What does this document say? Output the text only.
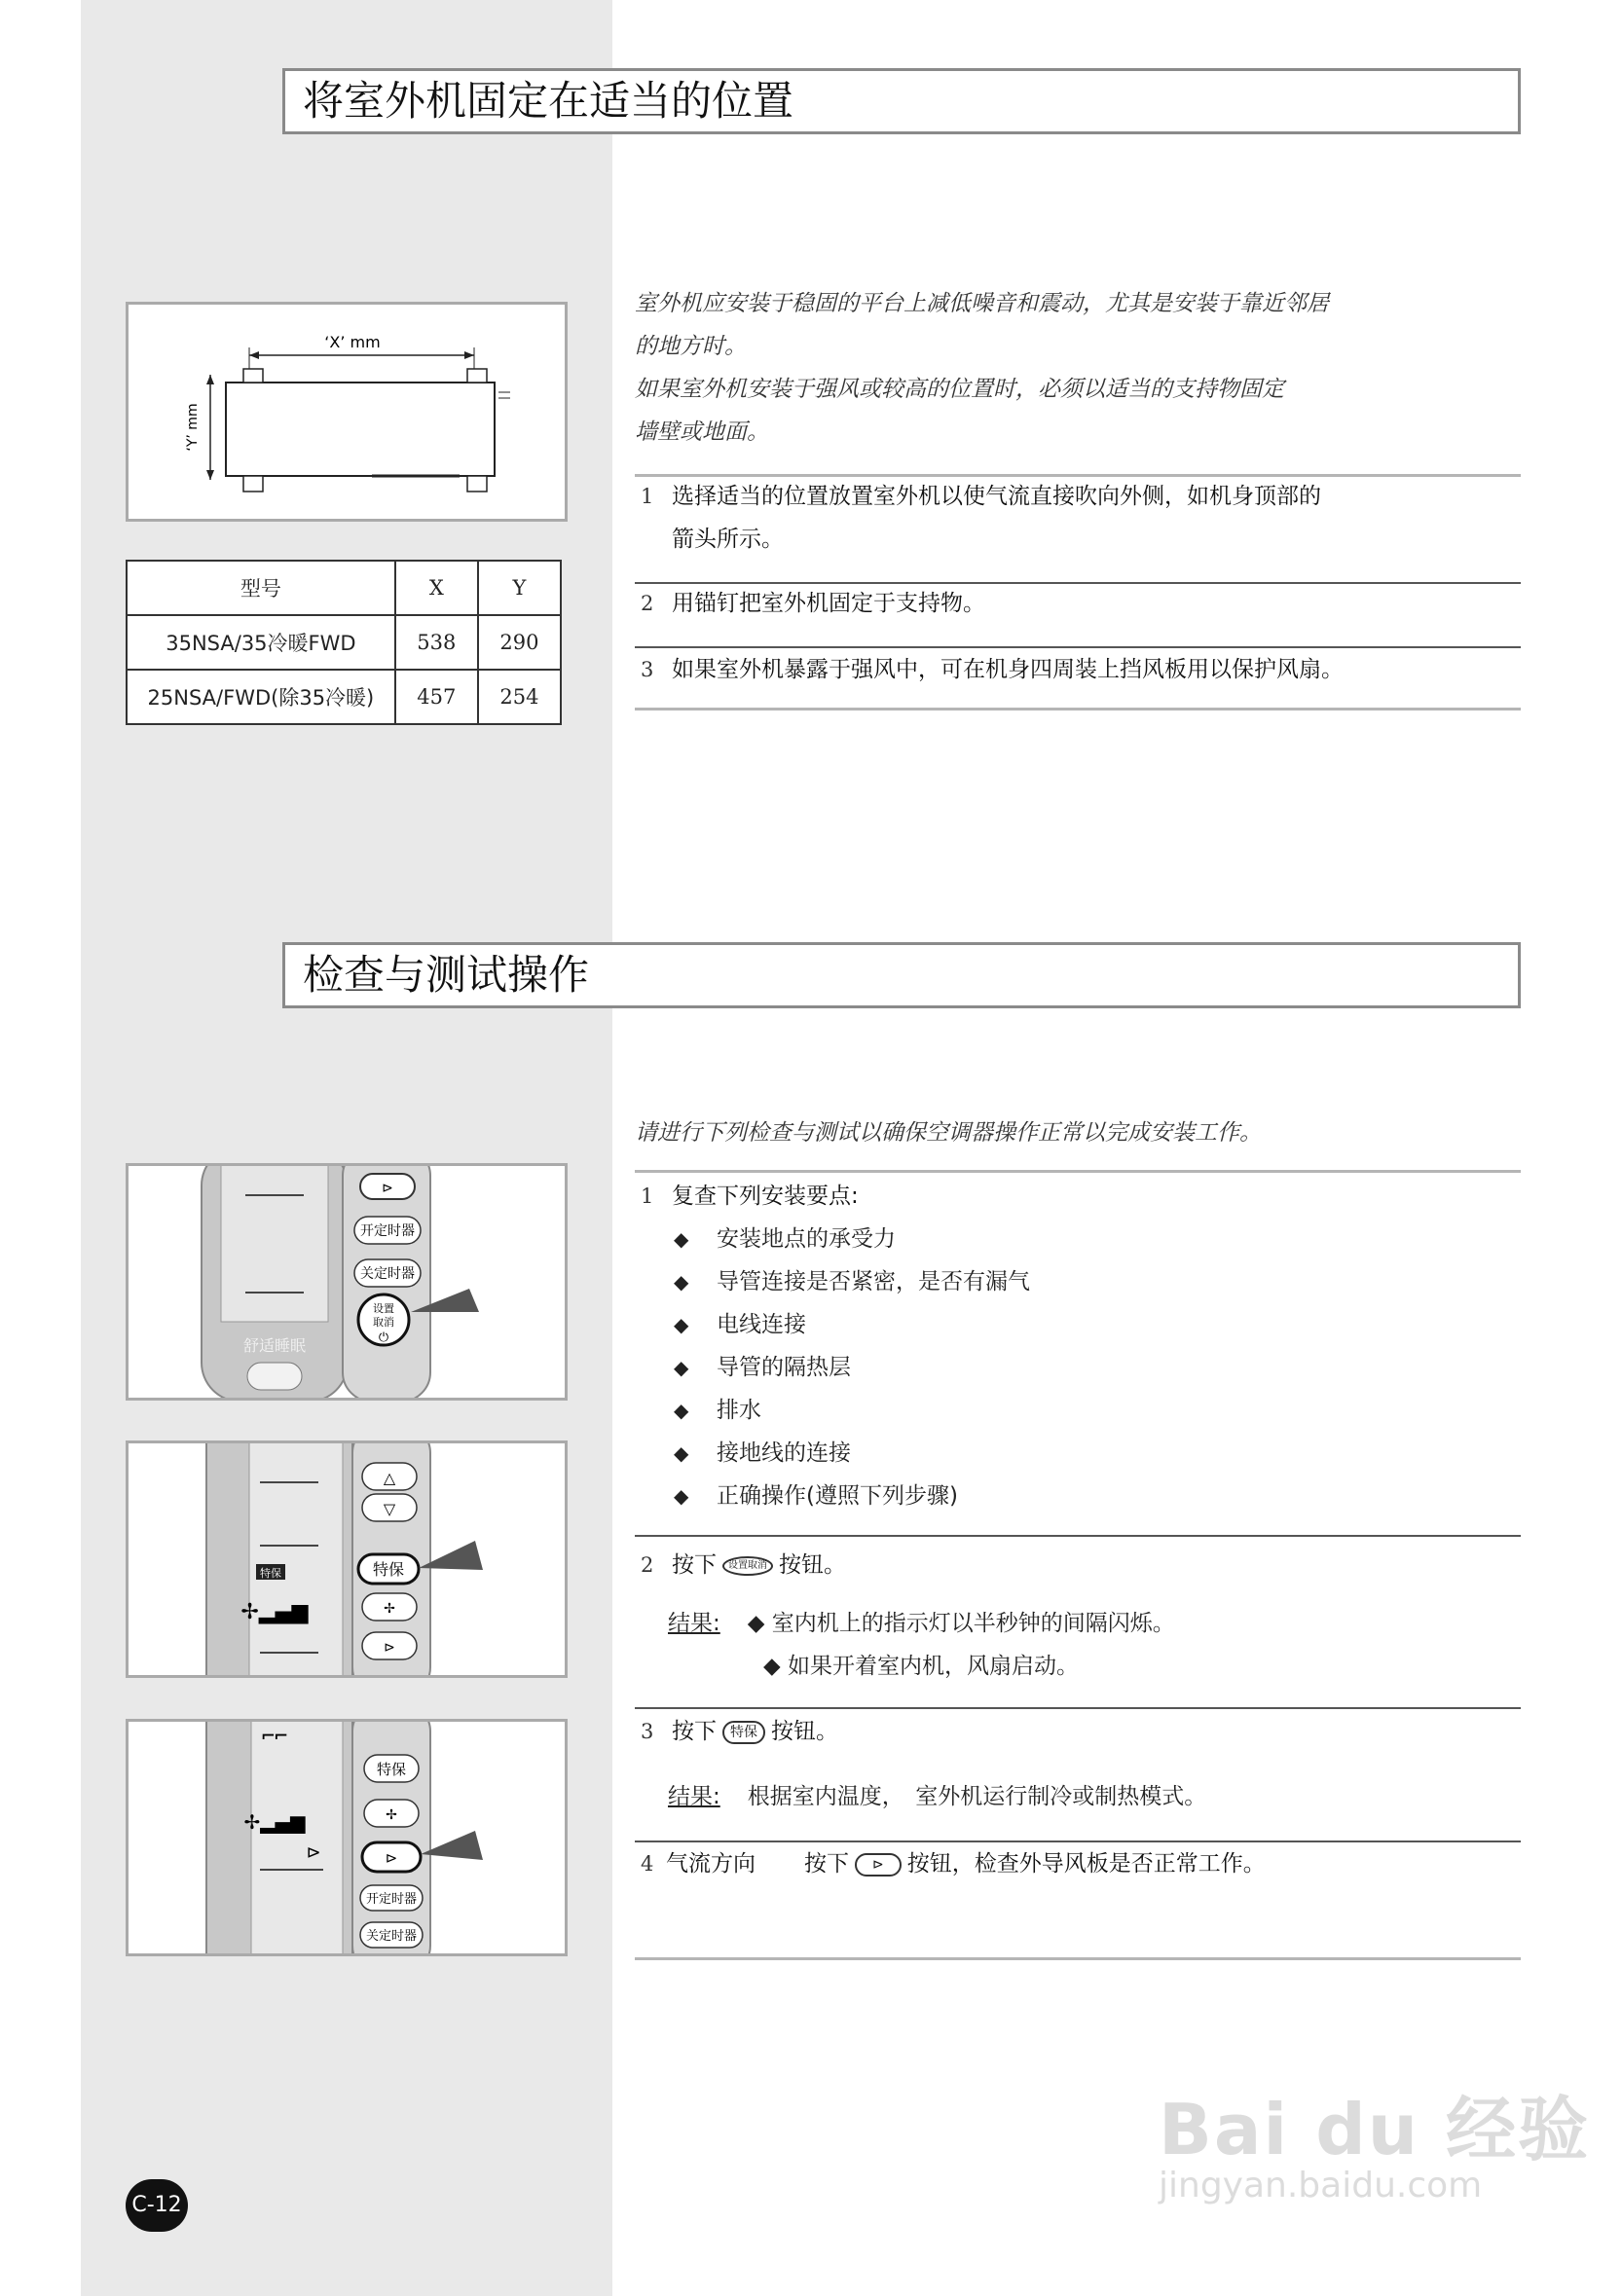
将室外机固定在适当的位置

室外机应安装于稳固的平台上减低噪音和震动，尤其是安装于靠近邻居

的地方时。

如果室外机安装于强风或较高的位置时，必须以适当的支持物固定

墙壁或地面。

‘X’ mm
‘Y’ mm
型号	X	Y
35NSA/35冷暖FWD	538	290
25NSA/FWD(除35冷暖)	457	254
1 选择适当的位置放置室外机以使气流直接吹向外侧，如机身顶部的
箭头所示。
2 用锚钉把室外机固定于支持物。
3 如果室外机暴露于强风中，可在机身四周装上挡风板用以保护风扇。
检查与测试操作
请进行下列检查与测试以确保空调器操作正常以完成安装工作。
舒适睡眠
⊳
开定时器
关定时器
设置
取消
⏻
特保
✢▂▄▆
△
▽
特保
✢
⊳
⌐⌐
✢▂▄▆
⊳
特保
✢
⊳
开定时器
关定时器
1 复查下列安装要点:
◆ 安装地点的承受力
◆ 导管连接是否紧密，是否有漏气
◆ 电线连接
◆ 导管的隔热层
◆ 排水
◆ 接地线的连接
◆ 正确操作(遵照下列步骤)
2 按下 设置取消 按钮。
结果: ◆ 室内机上的指示灯以半秒钟的间隔闪烁。
◆ 如果开着室内机，风扇启动。
3 按下 特保 按钮。
结果: 根据室内温度，　室外机运行制冷或制热模式。
4 气流方向 按下 ⊳ 按钮，检查外导风板是否正常工作。
C-12
Bai du 经验
jingyan.baidu.com
